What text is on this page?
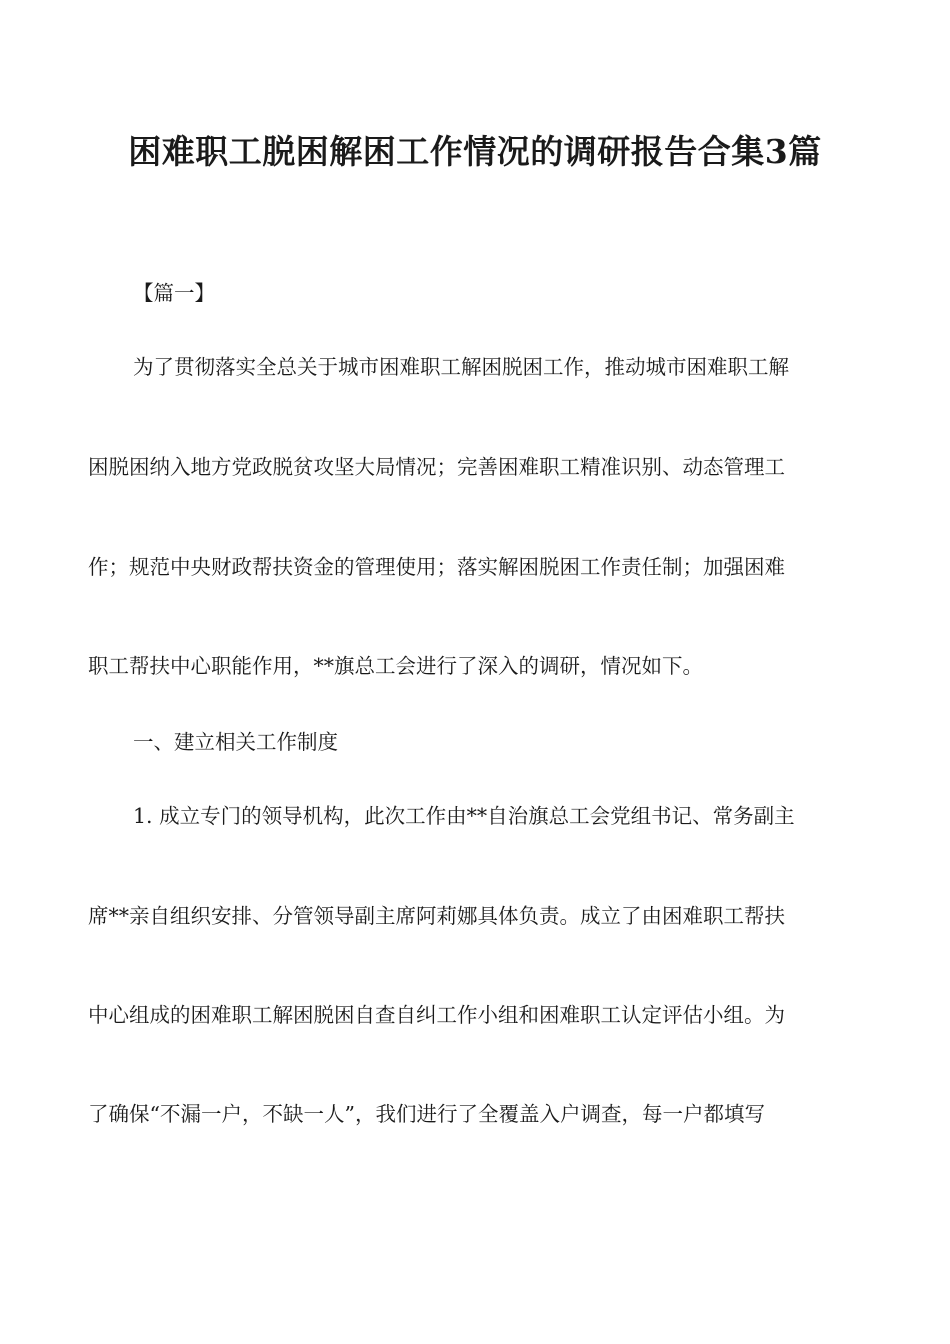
困难职工脱困解困工作情况的调研报告合集3篇
【篇一】
为了贯彻落实全总关于城市困难职工解困脱困工作，推动城市困难职工解
困脱困纳入地方党政脱贫攻坚大局情况；完善困难职工精准识别、动态管理工
作；规范中央财政帮扶资金的管理使用；落实解困脱困工作责任制；加强困难
职工帮扶中心职能作用，**旗总工会进行了深入的调研，情况如下。
一、建立相关工作制度
1. 成立专门的领导机构，此次工作由**自治旗总工会党组书记、常务副主
席**亲自组织安排、分管领导副主席阿莉娜具体负责。成立了由困难职工帮扶
中心组成的困难职工解困脱困自查自纠工作小组和困难职工认定评估小组。为
了确保“不漏一户，不缺一人”，我们进行了全覆盖入户调查，每一户都填写
